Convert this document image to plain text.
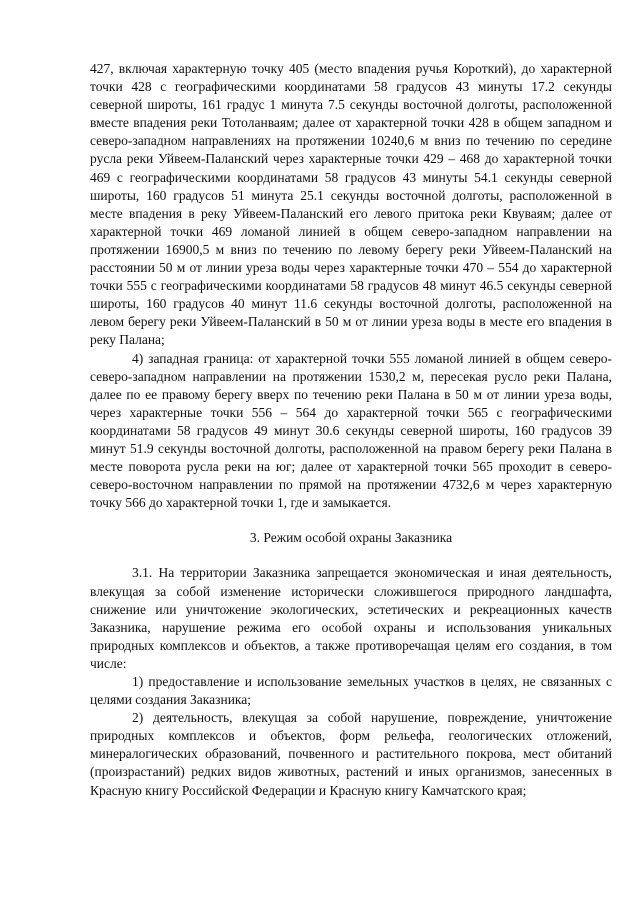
427, включая характерную точку 405 (место впадения ручья Короткий), до характерной точки 428 с географическими координатами 58 градусов 43 минуты 17.2 секунды северной широты, 161 градус 1 минута 7.5 секунды восточной долготы, расположенной вместе впадения реки Тотоланваям; далее от характерной точки 428 в общем западном и северо-западном направлениях на протяжении 10240,6 м вниз по течению по середине русла реки Уйвеем-Паланский через характерные точки 429 – 468 до характерной точки 469 с географическими координатами 58 градусов 43 минуты 54.1 секунды северной широты, 160 градусов 51 минута 25.1 секунды восточной долготы, расположенной в месте впадения в реку Уйвеем-Паланский его левого притока реки Квуваям; далее от характерной точки 469 ломаной линией в общем северо-западном направлении на протяжении 16900,5 м вниз по течению по левому берегу реки Уйвеем-Паланский на расстоянии 50 м от линии уреза воды через характерные точки 470 – 554 до характерной точки 555 с географическими координатами 58 градусов 48 минут 46.5 секунды северной широты, 160 градусов 40 минут 11.6 секунды восточной долготы, расположенной на левом берегу реки Уйвеем-Паланский в 50 м от линии уреза воды в месте его впадения в реку Палана;

4) западная граница: от характерной точки 555 ломаной линией в общем северо-северо-западном направлении на протяжении 1530,2 м, пересекая русло реки Палана, далее по ее правому берегу вверх по течению реки Палана в 50 м от линии уреза воды, через характерные точки 556 – 564 до характерной точки 565 с географическими координатами 58 градусов 49 минут 30.6 секунды северной широты, 160 градусов 39 минут 51.9 секунды восточной долготы, расположенной на правом берегу реки Палана в месте поворота русла реки на юг; далее от характерной точки 565 проходит в северо-северо-восточном направлении по прямой на протяжении 4732,6 м через характерную точку 566 до характерной точки 1, где и замыкается.

3. Режим особой охраны Заказника

3.1. На территории Заказника запрещается экономическая и иная деятельность, влекущая за собой изменение исторически сложившегося природного ландшафта, снижение или уничтожение экологических, эстетических и рекреационных качеств Заказника, нарушение режима его особой охраны и использования уникальных природных комплексов и объектов, а также противоречащая целям его создания, в том числе:

1) предоставление и использование земельных участков в целях, не связанных с целями создания Заказника;

2) деятельность, влекущая за собой нарушение, повреждение, уничтожение природных комплексов и объектов, форм рельефа, геологических отложений, минералогических образований, почвенного и растительного покрова, мест обитаний (произрастаний) редких видов животных, растений и иных организмов, занесенных в Красную книгу Российской Федерации и Красную книгу Камчатского края;
